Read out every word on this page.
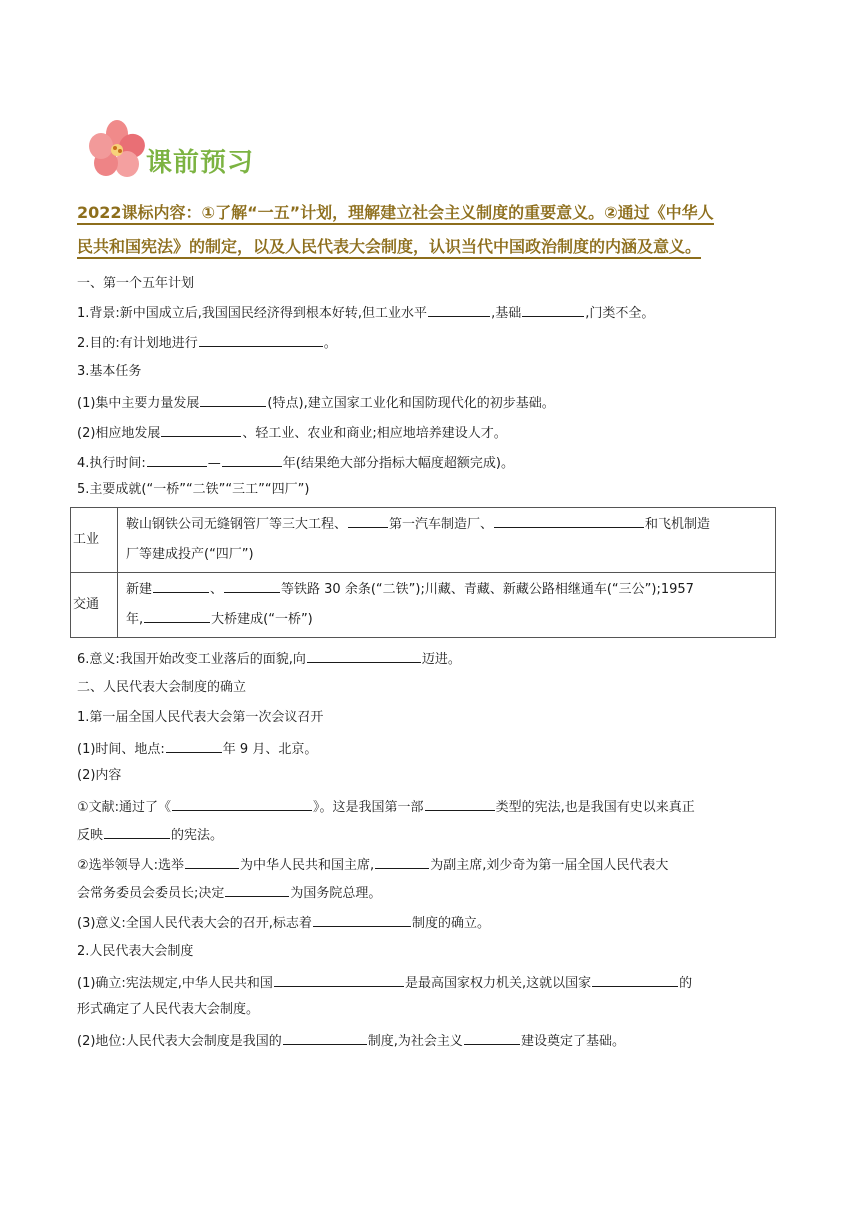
课前预习
2022课标内容：①了解“一五”计划，理解建立社会主义制度的重要意义。②通过《中华人
民共和国宪法》的制定，以及人民代表大会制度，认识当代中国政治制度的内涵及意义。
一、第一个五年计划
1.背景:新中国成立后,我国国民经济得到根本好转,但工业水平	,基础	,门类不全。
2.目的:有计划地进行	。
3.基本任务
(1)集中主要力量发展	(特点),建立国家工业化和国防现代化的初步基础。
(2)相应地发展	、轻工业、农业和商业;相应地培养建设人才。
4.执行时间:	—	年(结果绝大部分指标大幅度超额完成)。
5.主要成就(“一桥”“二铁”“三工”“四厂”)
工业	鞍山钢铁公司无缝钢管厂等三大工程、 第一汽车制造厂、 和飞机制造
厂等建成投产(“四厂”)
交通	新建 、 等铁路 30 余条(“二铁”);川藏、青藏、新藏公路相继通车(“三公”);1957
年, 大桥建成(“一桥”)
6.意义:我国开始改变工业落后的面貌,向	迈进。
二、人民代表大会制度的确立
1.第一届全国人民代表大会第一次会议召开
(1)时间、地点:	年 9 月、北京。
(2)内容
①文献:通过了《	》。这是我国第一部	类型的宪法,也是我国有史以来真正
反映	的宪法。
②选举领导人:选举	为中华人民共和国主席,	为副主席,刘少奇为第一届全国人民代表大
会常务委员会委员长;决定	为国务院总理。
(3)意义:全国人民代表大会的召开,标志着	制度的确立。
2.人民代表大会制度
(1)确立:宪法规定,中华人民共和国	是最高国家权力机关,这就以国家	的
形式确定了人民代表大会制度。
(2)地位:人民代表大会制度是我国的	制度,为社会主义	建设奠定了基础。
